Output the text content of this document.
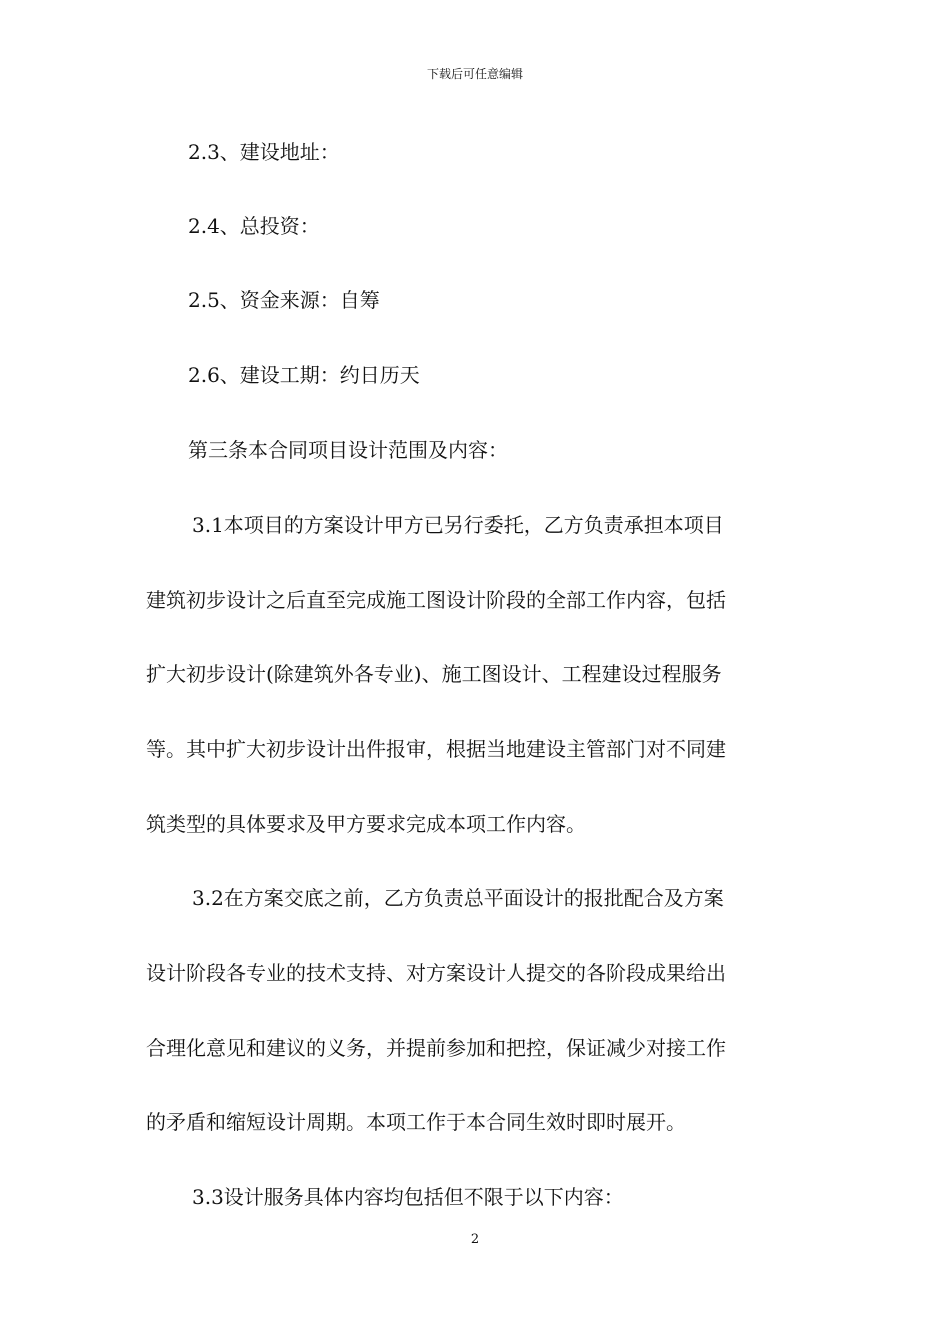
下载后可任意编辑
2.3、建设地址：
2.4、总投资：
2.5、资金来源：自筹
2.6、建设工期：约日历天
第三条本合同项目设计范围及内容：
3.1本项目的方案设计甲方已另行委托，乙方负责承担本项目
建筑初步设计之后直至完成施工图设计阶段的全部工作内容，包括
扩大初步设计(除建筑外各专业)、施工图设计、工程建设过程服务
等。其中扩大初步设计出件报审，根据当地建设主管部门对不同建
筑类型的具体要求及甲方要求完成本项工作内容。
3.2在方案交底之前，乙方负责总平面设计的报批配合及方案
设计阶段各专业的技术支持、对方案设计人提交的各阶段成果给出
合理化意见和建议的义务，并提前参加和把控，保证减少对接工作
的矛盾和缩短设计周期。本项工作于本合同生效时即时展开。
3.3设计服务具体内容均包括但不限于以下内容：
2
